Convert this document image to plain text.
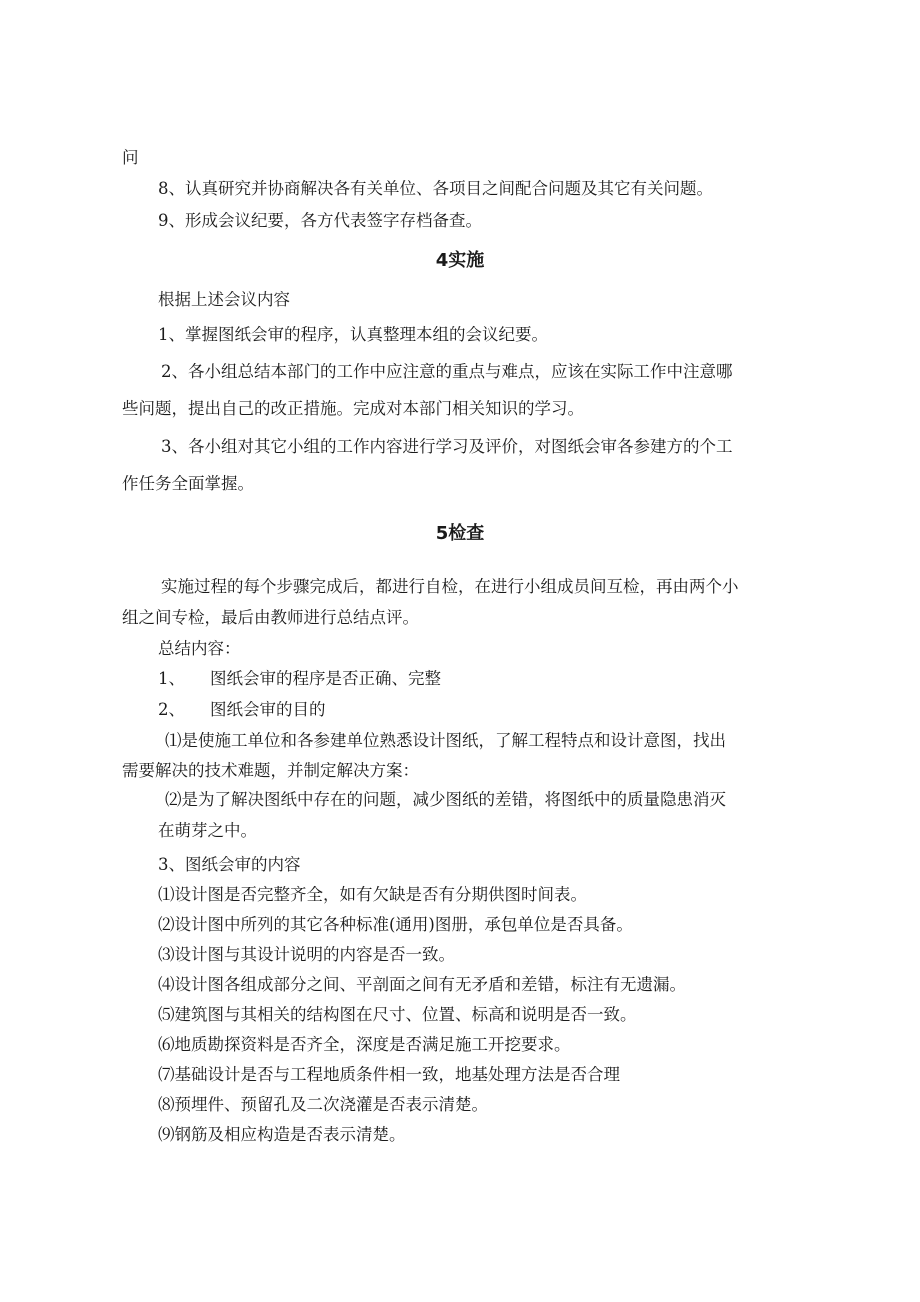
问
8、认真研究并协商解决各有关单位、各项目之间配合问题及其它有关问题。
9、形成会议纪要，各方代表签字存档备查。
4实施
根据上述会议内容
1、掌握图纸会审的程序，认真整理本组的会议纪要。
2、各小组总结本部门的工作中应注意的重点与难点，应该在实际工作中注意哪
些问题，提出自己的改正措施。完成对本部门相关知识的学习。
3、各小组对其它小组的工作内容进行学习及评价，对图纸会审各参建方的个工
作任务全面掌握。
5检查
实施过程的每个步骤完成后，都进行自检，在进行小组成员间互检，再由两个小
组之间专检，最后由教师进行总结点评。
总结内容：
1、 图纸会审的程序是否正确、完整
2、 图纸会审的目的
⑴是使施工单位和各参建单位熟悉设计图纸，了解工程特点和设计意图，找出
需要解决的技术难题，并制定解决方案：
⑵是为了解决图纸中存在的问题，减少图纸的差错，将图纸中的质量隐患消灭
在萌芽之中。
3、图纸会审的内容
⑴设计图是否完整齐全，如有欠缺是否有分期供图时间表。
⑵设计图中所列的其它各种标准(通用)图册，承包单位是否具备。
⑶设计图与其设计说明的内容是否一致。
⑷设计图各组成部分之间、平剖面之间有无矛盾和差错，标注有无遗漏。
⑸建筑图与其相关的结构图在尺寸、位置、标高和说明是否一致。
⑹地质勘探资料是否齐全，深度是否满足施工开挖要求。
⑺基础设计是否与工程地质条件相一致，地基处理方法是否合理
⑻预埋件、预留孔及二次浇灌是否表示清楚。
⑼钢筋及相应构造是否表示清楚。
